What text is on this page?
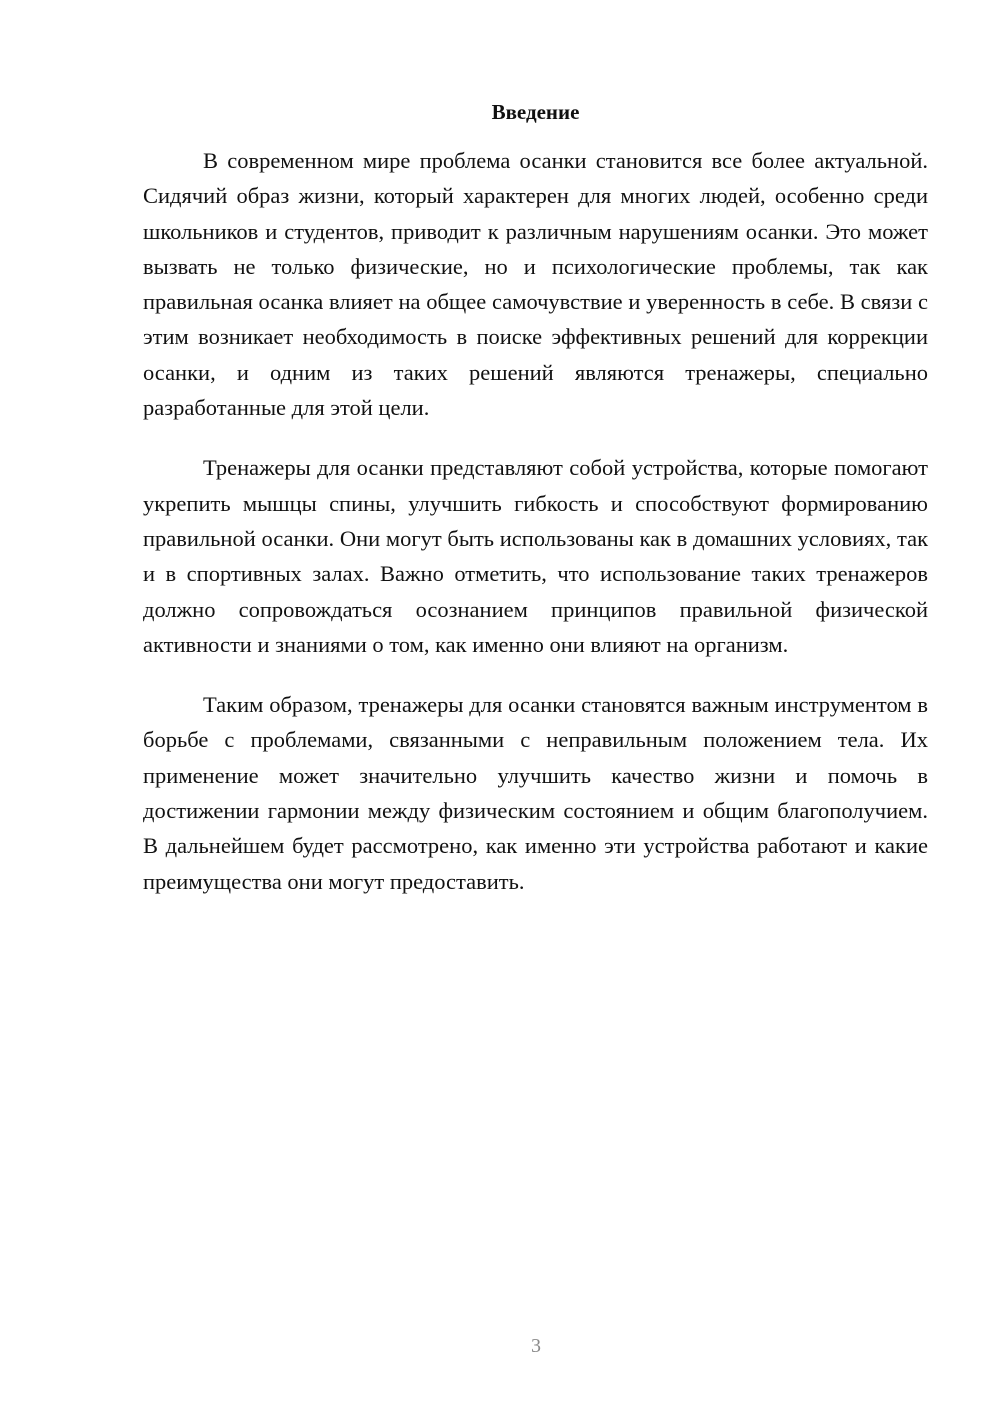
Введение

В современном мире проблема осанки становится все более актуальной. Сидячий образ жизни, который характерен для многих людей, особенно среди школьников и студентов, приводит к различным нарушениям осанки. Это может вызвать не только физические, но и психологические проблемы, так как правильная осанка влияет на общее самочувствие и уверенность в себе. В связи с этим возникает необходимость в поиске эффективных решений для коррекции осанки, и одним из таких решений являются тренажеры, специально разработанные для этой цели.

Тренажеры для осанки представляют собой устройства, которые помогают укрепить мышцы спины, улучшить гибкость и способствуют формированию правильной осанки. Они могут быть использованы как в домашних условиях, так и в спортивных залах. Важно отметить, что использование таких тренажеров должно сопровождаться осознанием принципов правильной физической активности и знаниями о том, как именно они влияют на организм.

Таким образом, тренажеры для осанки становятся важным инструментом в борьбе с проблемами, связанными с неправильным положением тела. Их применение может значительно улучшить качество жизни и помочь в достижении гармонии между физическим состоянием и общим благополучием. В дальнейшем будет рассмотрено, как именно эти устройства работают и какие преимущества они могут предоставить.

3
